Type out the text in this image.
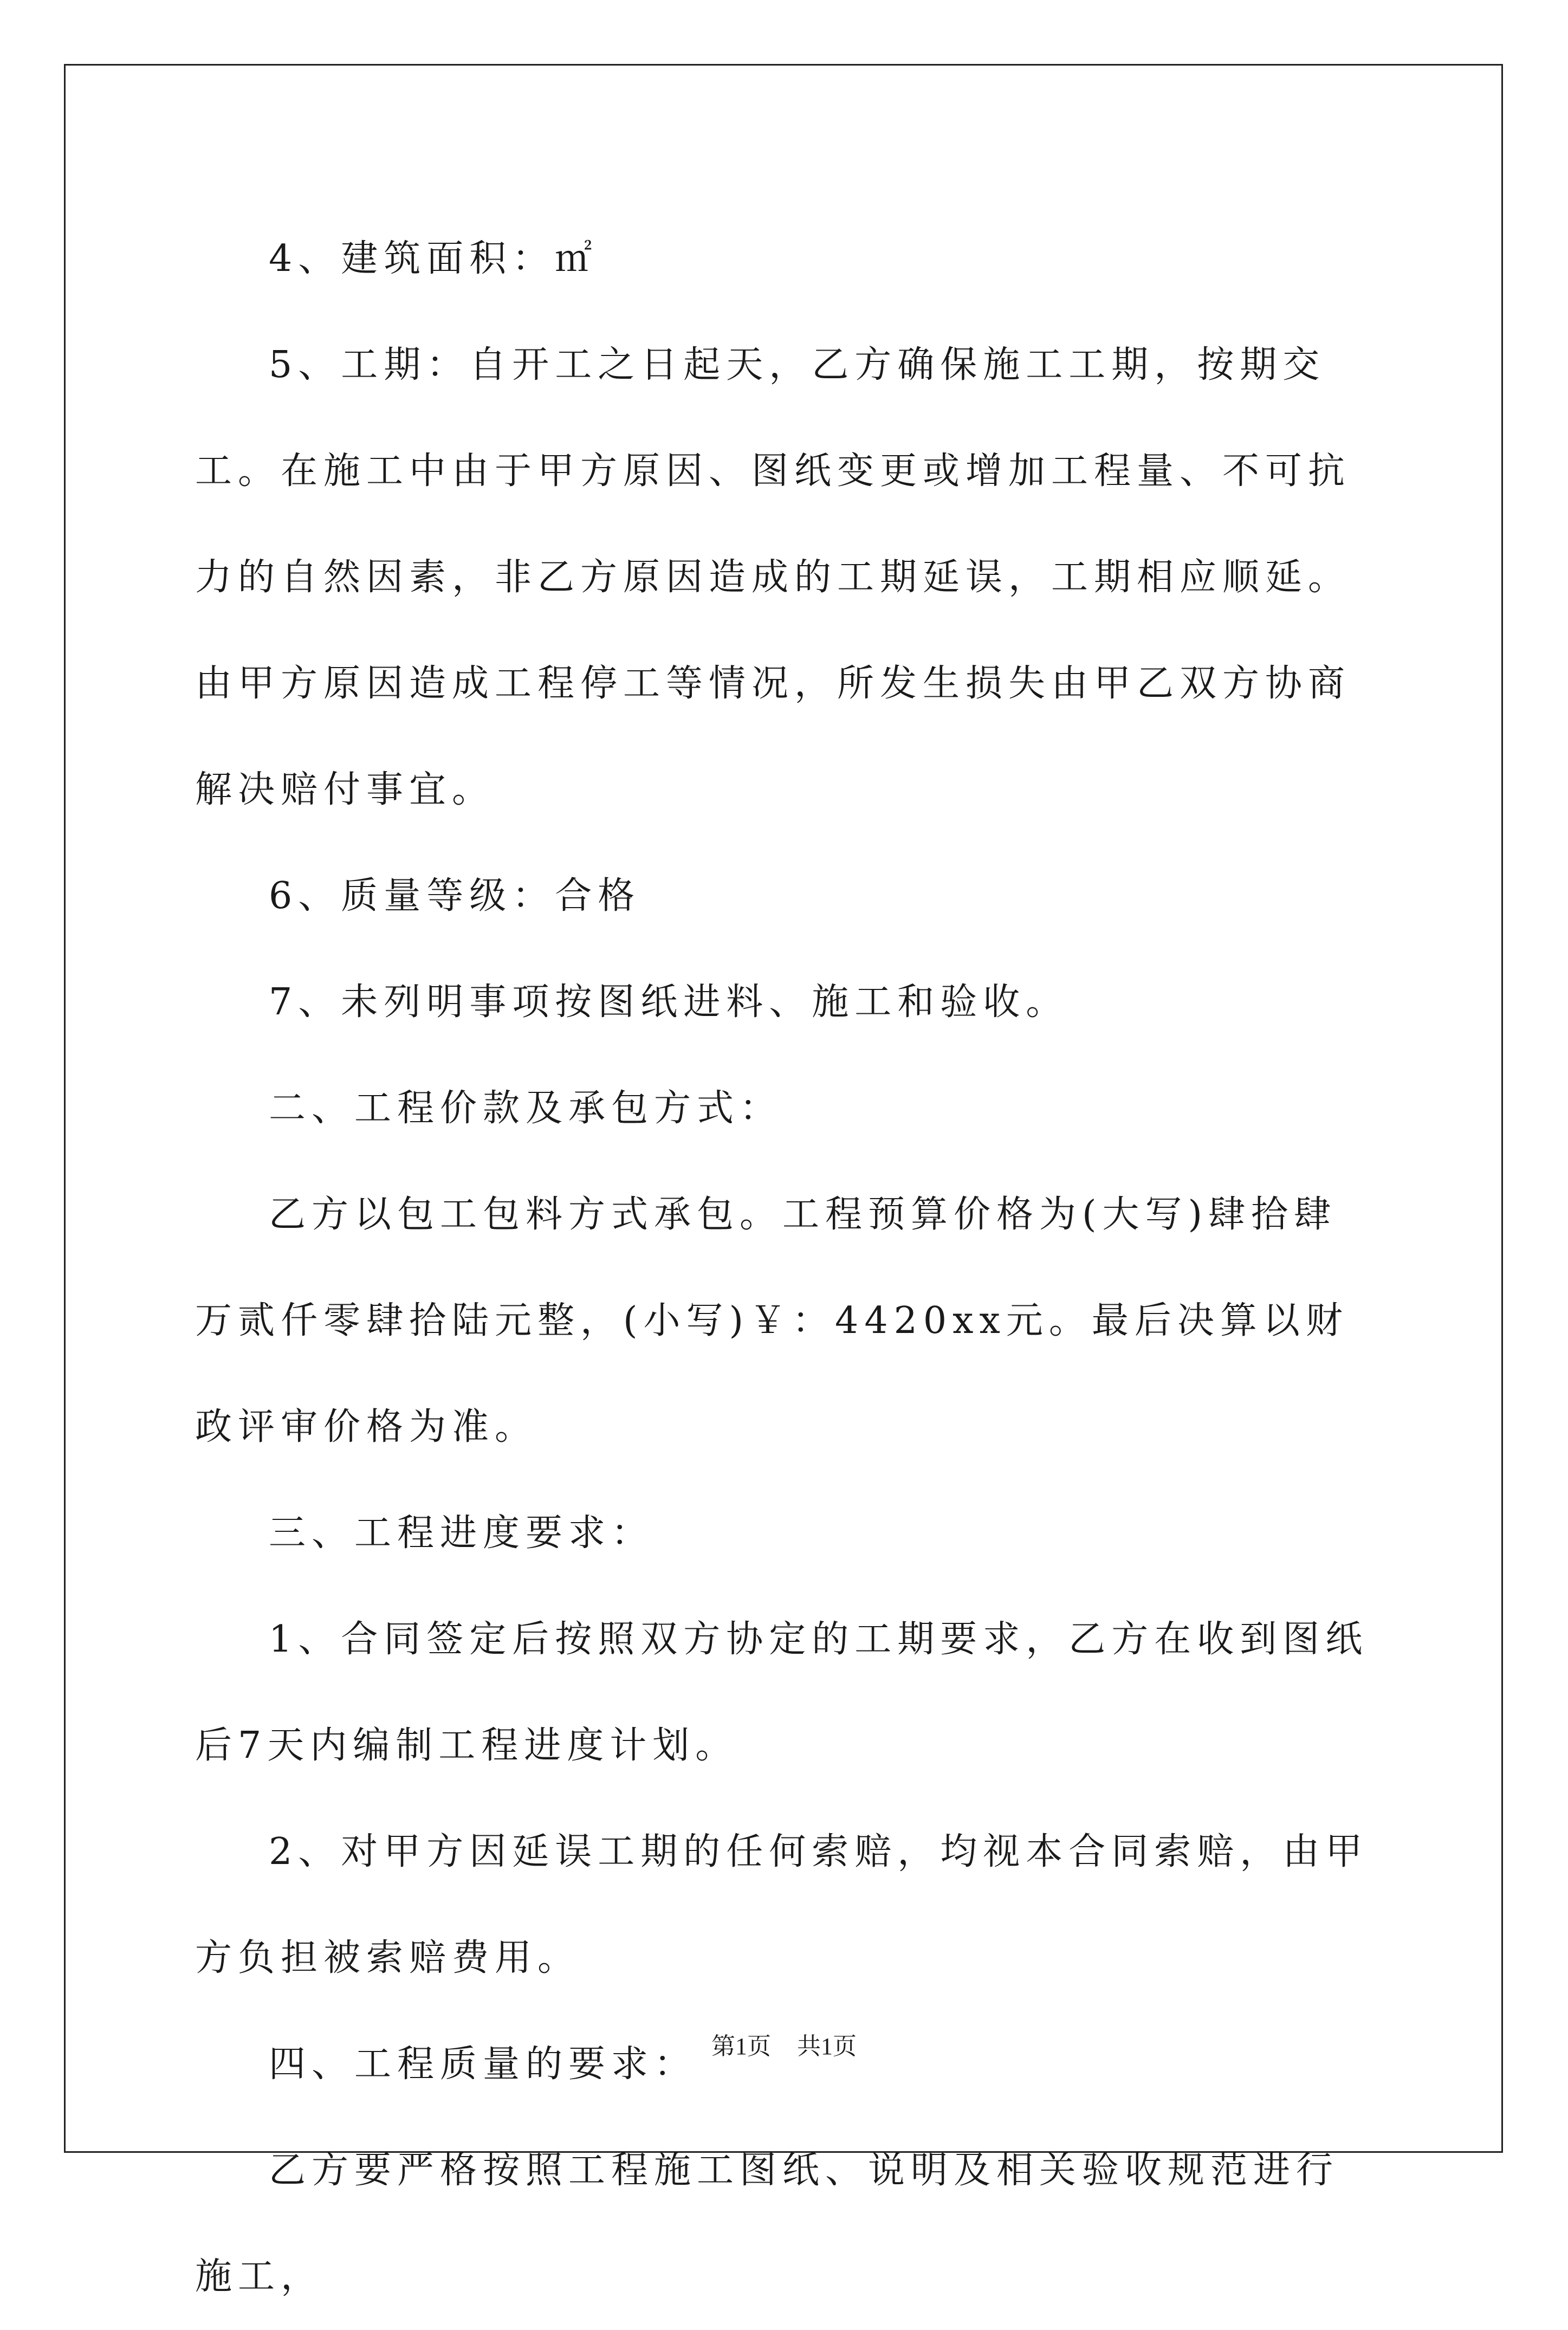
4、建筑面积：㎡

5、工期：自开工之日起天，乙方确保施工工期，按期交工。在施工中由于甲方原因、图纸变更或增加工程量、不可抗力的自然因素，非乙方原因造成的工期延误，工期相应顺延。由甲方原因造成工程停工等情况，所发生损失由甲乙双方协商解决赔付事宜。

6、质量等级：合格

7、未列明事项按图纸进料、施工和验收。

二、工程价款及承包方式：

乙方以包工包料方式承包。工程预算价格为(大写)肆拾肆万贰仟零肆拾陆元整，(小写)￥：4420xx元。最后决算以财政评审价格为准。

三、工程进度要求：

1、合同签定后按照双方协定的工期要求，乙方在收到图纸后7天内编制工程进度计划。

2、对甲方因延误工期的任何索赔，均视本合同索赔，由甲方负担被索赔费用。

四、工程质量的要求：

乙方要严格按照工程施工图纸、说明及相关验收规范进行施工，

第1页 共1页
